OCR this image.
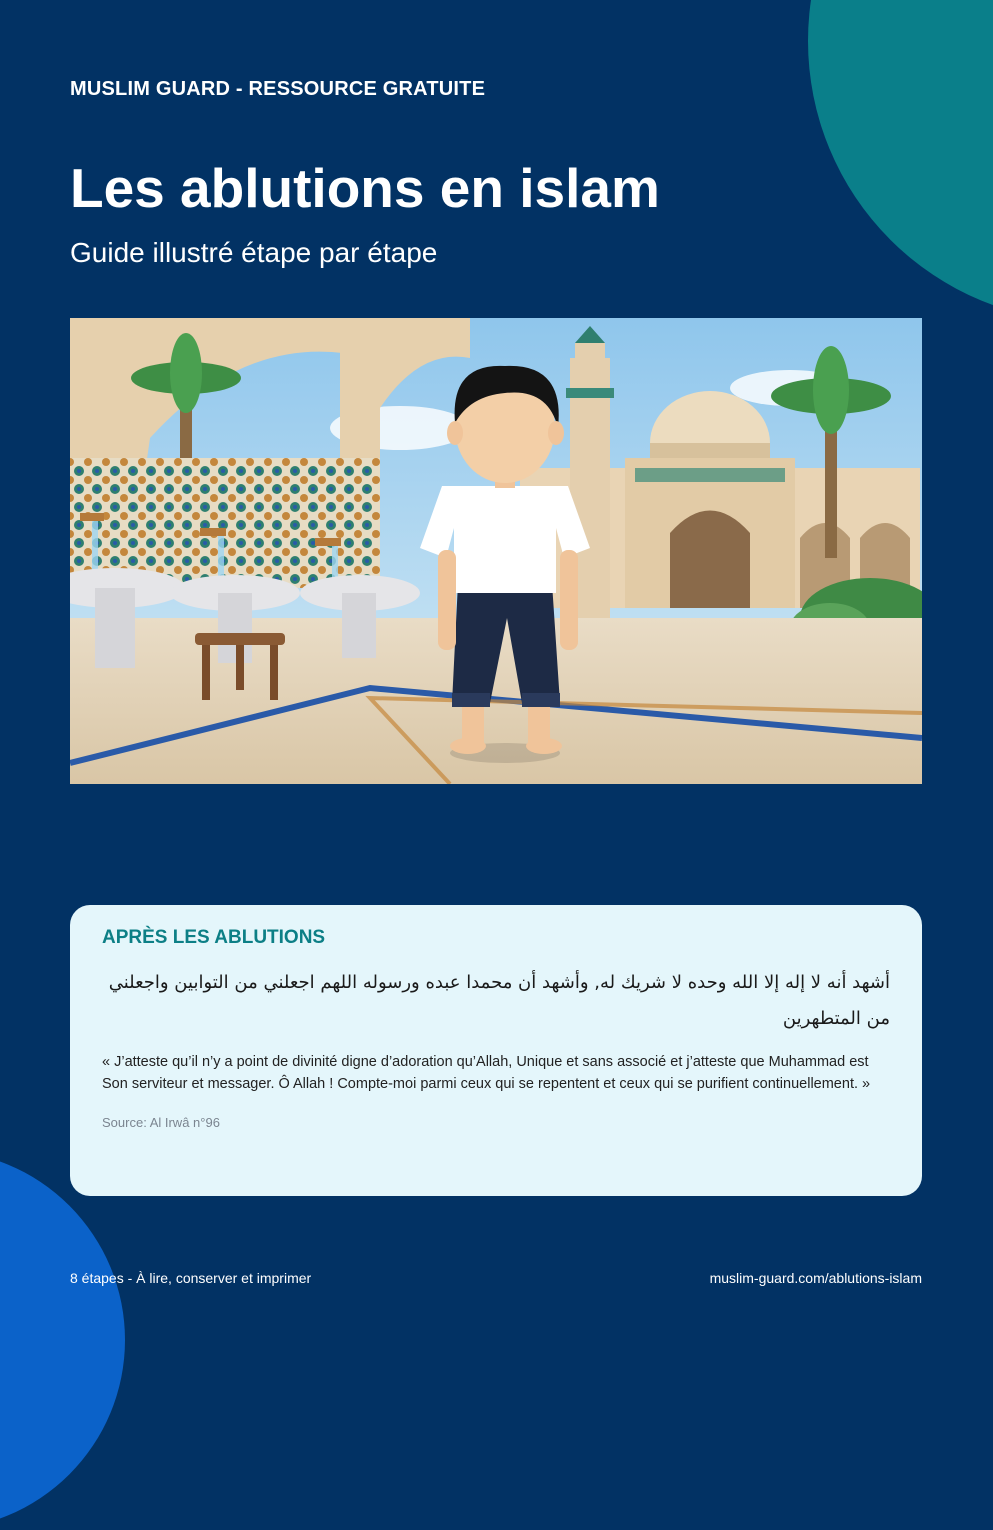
MUSLIM GUARD - RESSOURCE GRATUITE
Les ablutions en islam

Guide illustré étape par étape

APRÈS LES ABLUTIONS

أشهد أنه لا إله إلا الله وحده لا شريك له, وأشهد أن محمدا عبده ورسوله اللهم اجعلني من التوابين واجعلني من المتطهرين

« J’atteste qu’il n’y a point de divinité digne d’adoration qu’Allah, Unique et sans associé et j’atteste que Muhammad est Son serviteur et messager. Ô Allah ! Compte-moi parmi ceux qui se repentent et ceux qui se purifient continuellement. »

Source: Al Irwâ n°96
8 étapes - À lire, conserver et imprimer	muslim-guard.com/ablutions-islam
